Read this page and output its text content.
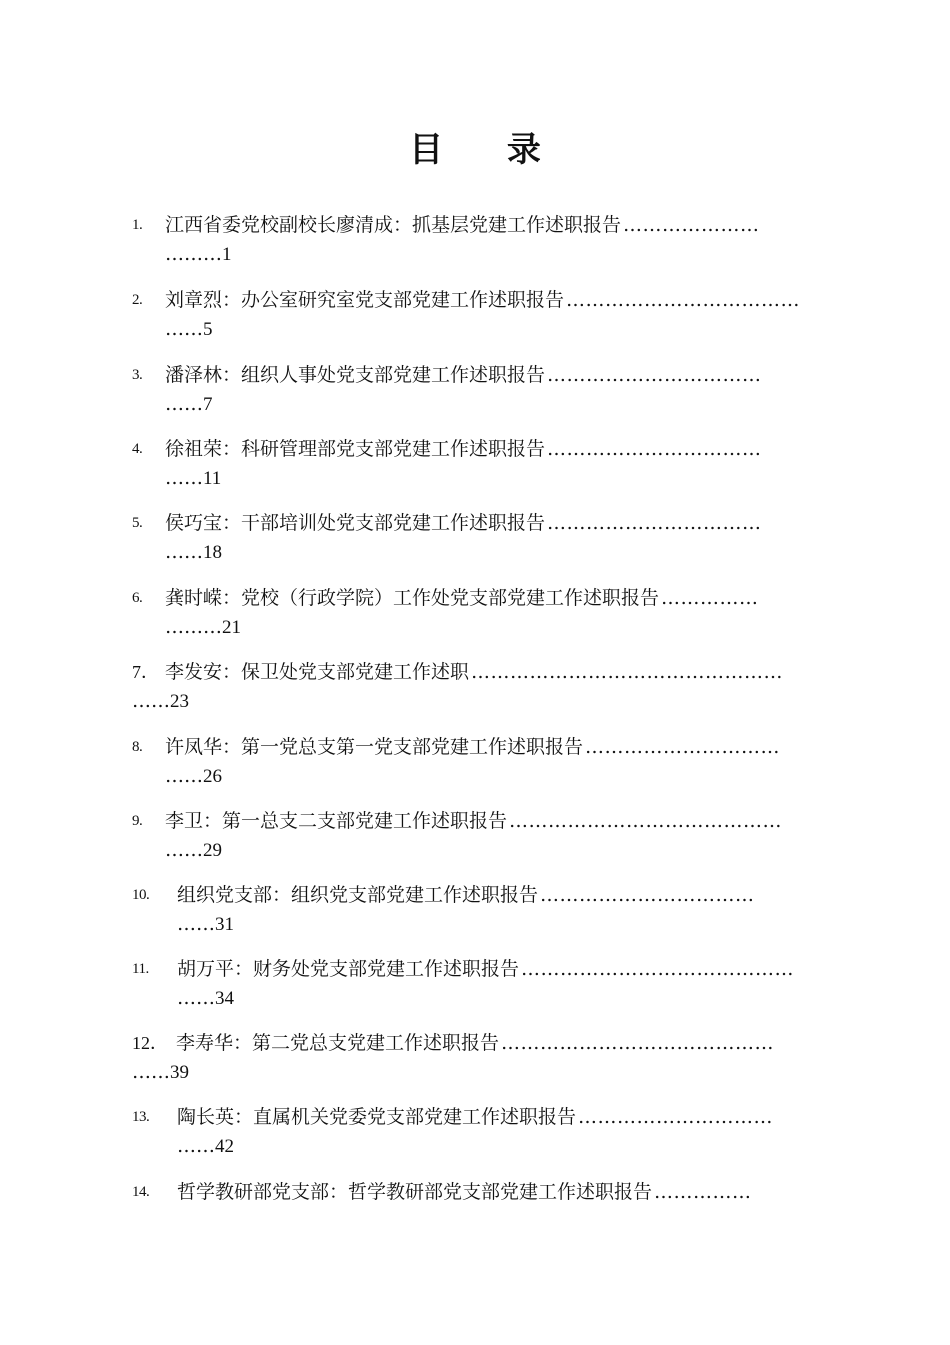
目 录
1. 江西省委党校副校长廖清成：抓基层党建工作述职报告 …………………
………1
2. 刘章烈：办公室研究室党支部党建工作述职报告 ………………………………
……5
3. 潘泽林：组织人事处党支部党建工作述职报告 ……………………………
……7
4. 徐祖荣：科研管理部党支部党建工作述职报告 ……………………………
……11
5. 侯巧宝：干部培训处党支部党建工作述职报告 ……………………………
……18
6. 龚时嵘：党校（行政学院）工作处党支部党建工作述职报告 ……………
………21
7． 李发安：保卫处党支部党建工作述职 …………………………………………
……23
8. 许凤华：第一党总支第一党支部党建工作述职报告 …………………………
……26
9. 李卫：第一总支二支部党建工作述职报告 ……………………………………
……29
10. 组织党支部：组织党支部党建工作述职报告 ……………………………
……31
11. 胡万平：财务处党支部党建工作述职报告 ……………………………………
……34
12． 李寿华：第二党总支党建工作述职报告 ……………………………………
……39
13. 陶长英：直属机关党委党支部党建工作述职报告 …………………………
……42
14. 哲学教研部党支部：哲学教研部党支部党建工作述职报告 ……………
